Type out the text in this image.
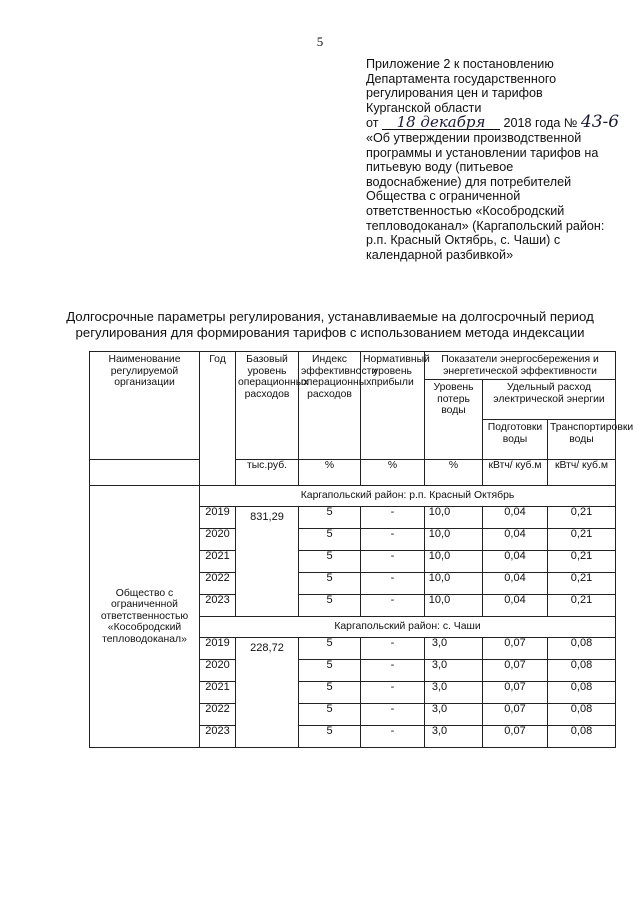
5
Приложение 2 к постановлению
Департамента государственного
регулирования цен и тарифов
Курганской области
от 18 декабря 2018 года № 43-6
«Об утверждении производственной
программы и установлении тарифов на
питьевую воду (питьевое
водоснабжение) для потребителей
Общества с ограниченной
ответственностью «Кособродский
тепловодоканал» (Каргапольский район:
р.п. Красный Октябрь, с. Чаши) с
календарной разбивкой»
Долгосрочные параметры регулирования, устанавливаемые на долгосрочный период
регулирования для формирования тарифов с использованием метода индексации
Наименование регулируемой организации	Год	Базовый уровень операционных расходов	Индекс эффективности операционных расходов	Нормативный уровень прибыли	Показатели энергосбережения и энергетической эффективности		
					Уровень потерь воды	Удельный расход электрической энергии	
						Подготовки воды	Транспортировки воды
		тыс.руб.	%	%	%	кВтч/ куб.м	кВтч/ куб.м
Общество с ограниченной ответственностью «Кособродский тепловодоканал»	Каргапольский район: р.п. Красный Октябрь						
	2019	831,29	5	-	10,0	0,04	0,21
	2020		5	-	10,0	0,04	0,21
	2021		5	-	10,0	0,04	0,21
	2022		5	-	10,0	0,04	0,21
	2023		5	-	10,0	0,04	0,21
	Каргапольский район: с. Чаши						
	2019	228,72	5	-	3,0	0,07	0,08
	2020		5	-	3,0	0,07	0,08
	2021		5	-	3,0	0,07	0,08
	2022		5	-	3,0	0,07	0,08
	2023		5	-	3,0	0,07	0,08
